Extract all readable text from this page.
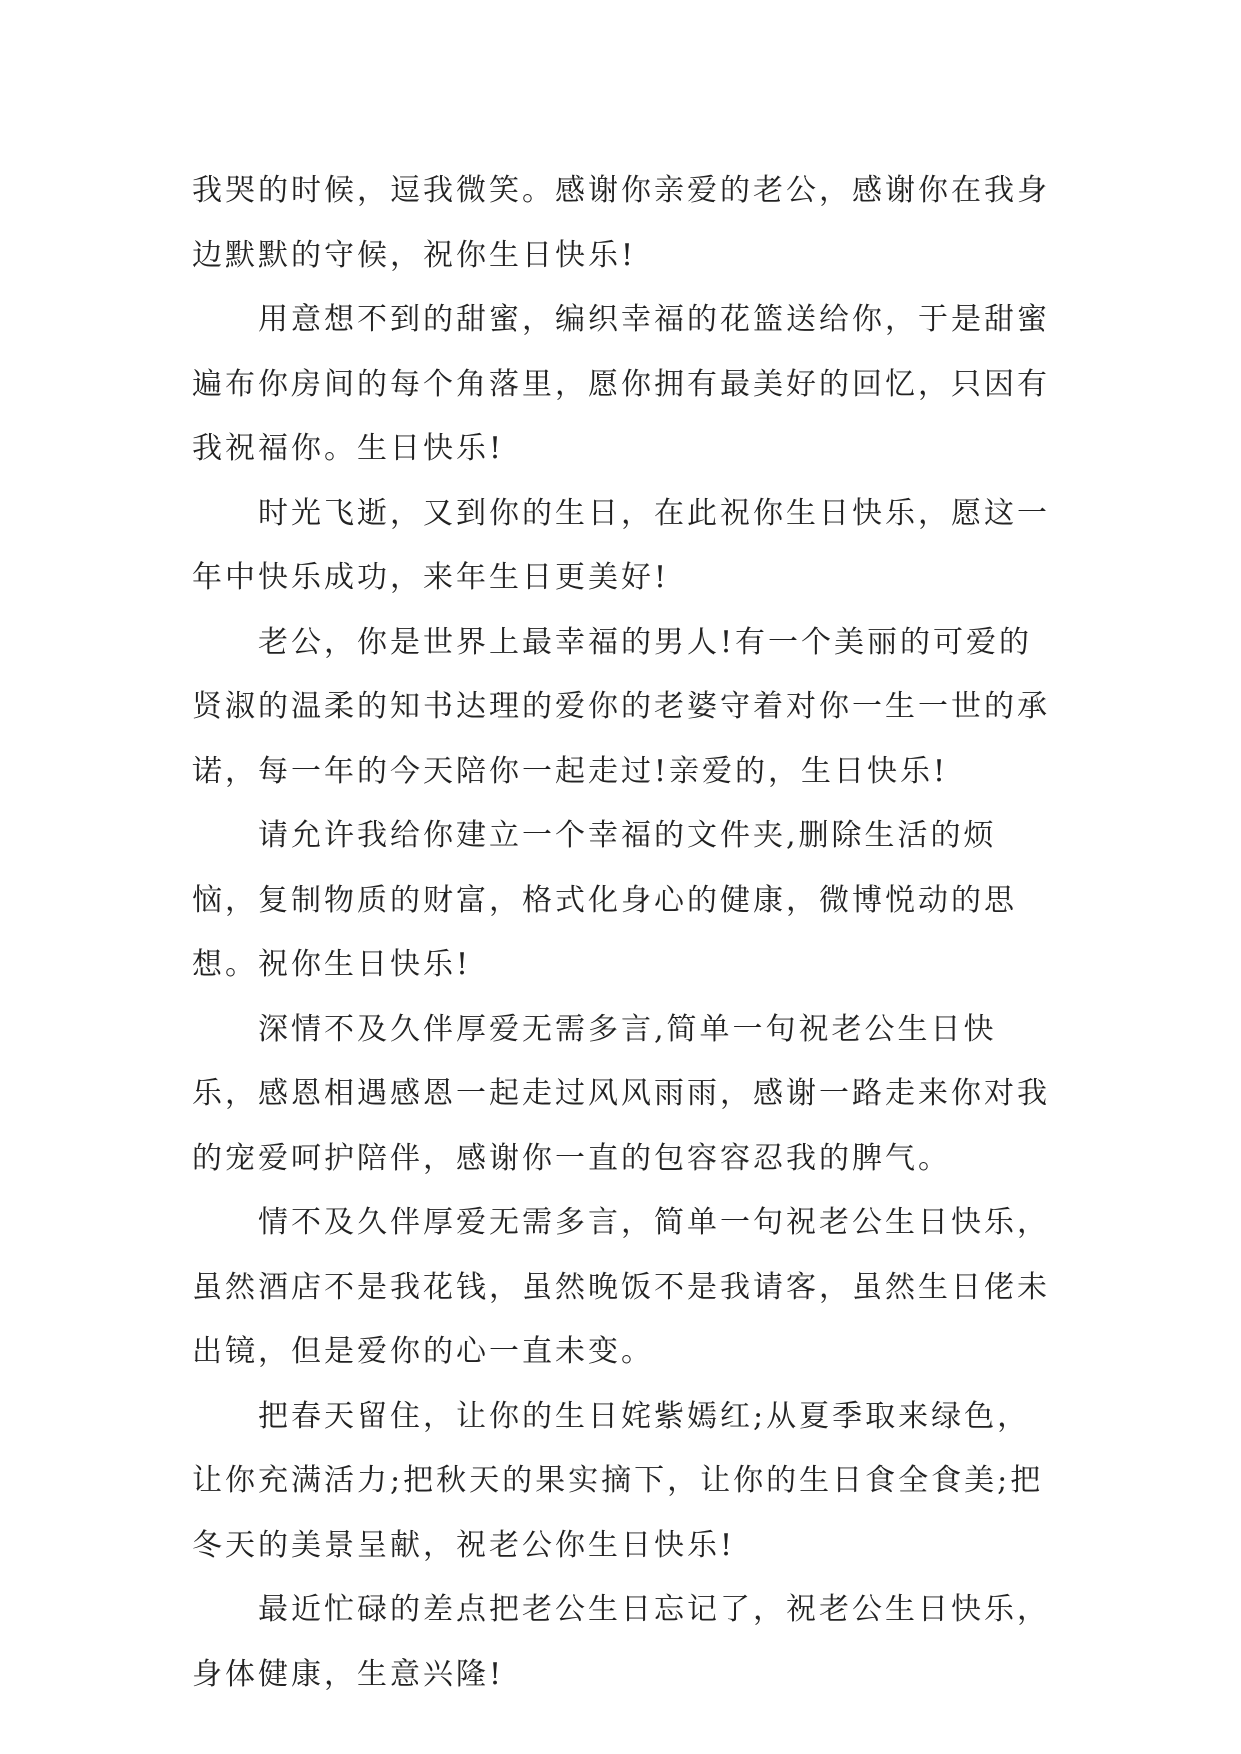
我哭的时候，逗我微笑。感谢你亲爱的老公，感谢你在我身边默默的守候，祝你生日快乐!

用意想不到的甜蜜，编织幸福的花篮送给你，于是甜蜜遍布你房间的每个角落里，愿你拥有最美好的回忆，只因有我祝福你。生日快乐!

时光飞逝，又到你的生日，在此祝你生日快乐，愿这一年中快乐成功，来年生日更美好!

老公，你是世界上最幸福的男人!有一个美丽的可爱的贤淑的温柔的知书达理的爱你的老婆守着对你一生一世的承诺，每一年的今天陪你一起走过!亲爱的，生日快乐!

请允许我给你建立一个幸福的文件夹,删除生活的烦恼，复制物质的财富，格式化身心的健康，微博悦动的思想。祝你生日快乐!

深情不及久伴厚爱无需多言,简单一句祝老公生日快乐，感恩相遇感恩一起走过风风雨雨，感谢一路走来你对我的宠爱呵护陪伴，感谢你一直的包容容忍我的脾气。

情不及久伴厚爱无需多言，简单一句祝老公生日快乐，虽然酒店不是我花钱，虽然晚饭不是我请客，虽然生日佬未出镜，但是爱你的心一直未变。

把春天留住，让你的生日姹紫嫣红;从夏季取来绿色，让你充满活力;把秋天的果实摘下，让你的生日食全食美;把冬天的美景呈献，祝老公你生日快乐!

最近忙碌的差点把老公生日忘记了，祝老公生日快乐，身体健康，生意兴隆!
